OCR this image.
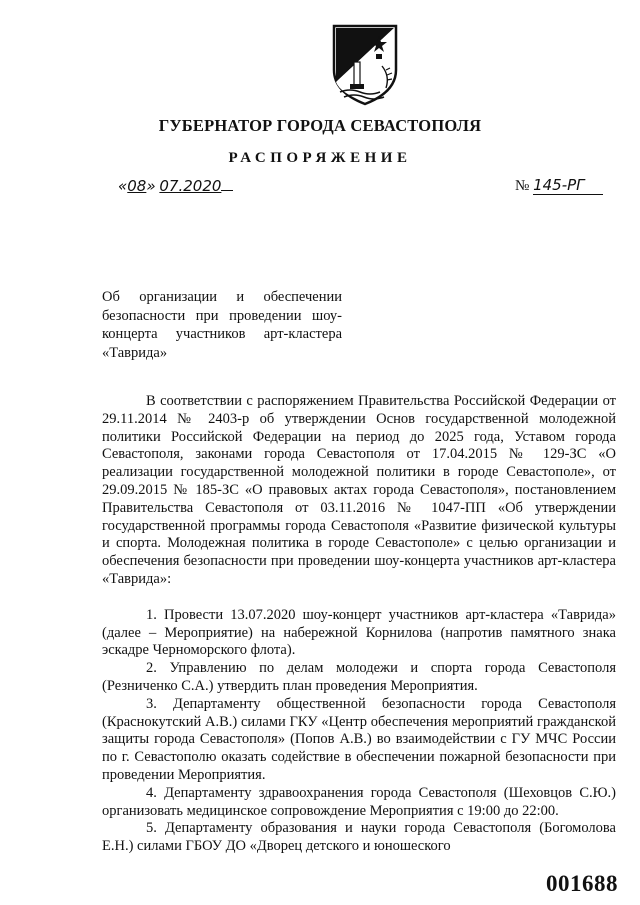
ГУБЕРНАТОР ГОРОДА СЕВАСТОПОЛЯ
РАСПОРЯЖЕНИЕ
«08» 07.2020	№ 145-РГ
Об организации и обеспечении безопасности при проведении шоу-концерта участников арт-кластера «Таврида»

В соответствии с распоряжением Правительства Российской Федерации от 29.11.2014 № 2403-р об утверждении Основ государственной молодежной политики Российской Федерации на период до 2025 года, Уставом города Севастополя, законами города Севастополя от 17.04.2015 № 129-ЗС «О реализации государственной молодежной политики в городе Севастополе», от 29.09.2015 № 185-ЗС «О правовых актах города Севастополя», постановлением Правительства Севастополя от 03.11.2016 № 1047-ПП «Об утверждении государственной программы города Севастополя «Развитие физической культуры и спорта. Молодежная политика в городе Севастополе» с целью организации и обеспечения безопасности при проведении шоу-концерта участников арт-кластера «Таврида»:

1. Провести 13.07.2020 шоу-концерт участников арт-кластера «Таврида» (далее – Мероприятие) на набережной Корнилова (напротив памятного знака эскадре Черноморского флота).

2. Управлению по делам молодежи и спорта города Севастополя (Резниченко С.А.) утвердить план проведения Мероприятия.

3. Департаменту общественной безопасности города Севастополя (Краснокутский А.В.) силами ГКУ «Центр обеспечения мероприятий гражданской защиты города Севастополя» (Попов А.В.) во взаимодействии с ГУ МЧС России по г. Севастополю оказать содействие в обеспечении пожарной безопасности при проведении Мероприятия.

4. Департаменту здравоохранения города Севастополя (Шеховцов С.Ю.) организовать медицинское сопровождение Мероприятия с 19:00 до 22:00.

5. Департаменту образования и науки города Севастополя (Богомолова Е.Н.) силами ГБОУ ДО «Дворец детского и юношеского

001688
